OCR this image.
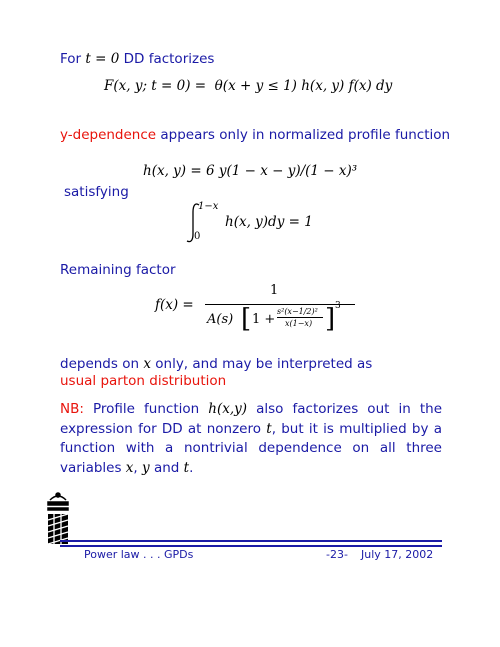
For t = 0 DD factorizes
F(x, y; t = 0) = θ(x + y ≤ 1) h(x, y) f(x) dy
y-dependence appears only in normalized profile function
h(x, y) = 6 y(1 − x − y)/(1 − x)³
satisfying
1−x
0
h(x, y)dy = 1
Remaining factor
f(x) =
1
A(s) [ 1 +
s²(x−1/2)²
x(1−x) ] 3
depends on x only, and may be interpreted as
usual parton distribution
NB: Profile function h(x,y) also factorizes out in the expression for DD at nonzero t, but it is multiplied by a function with a nontrivial dependence on all three variables x, y and t.
Power law . . . GPDs	-23- July 17, 2002
